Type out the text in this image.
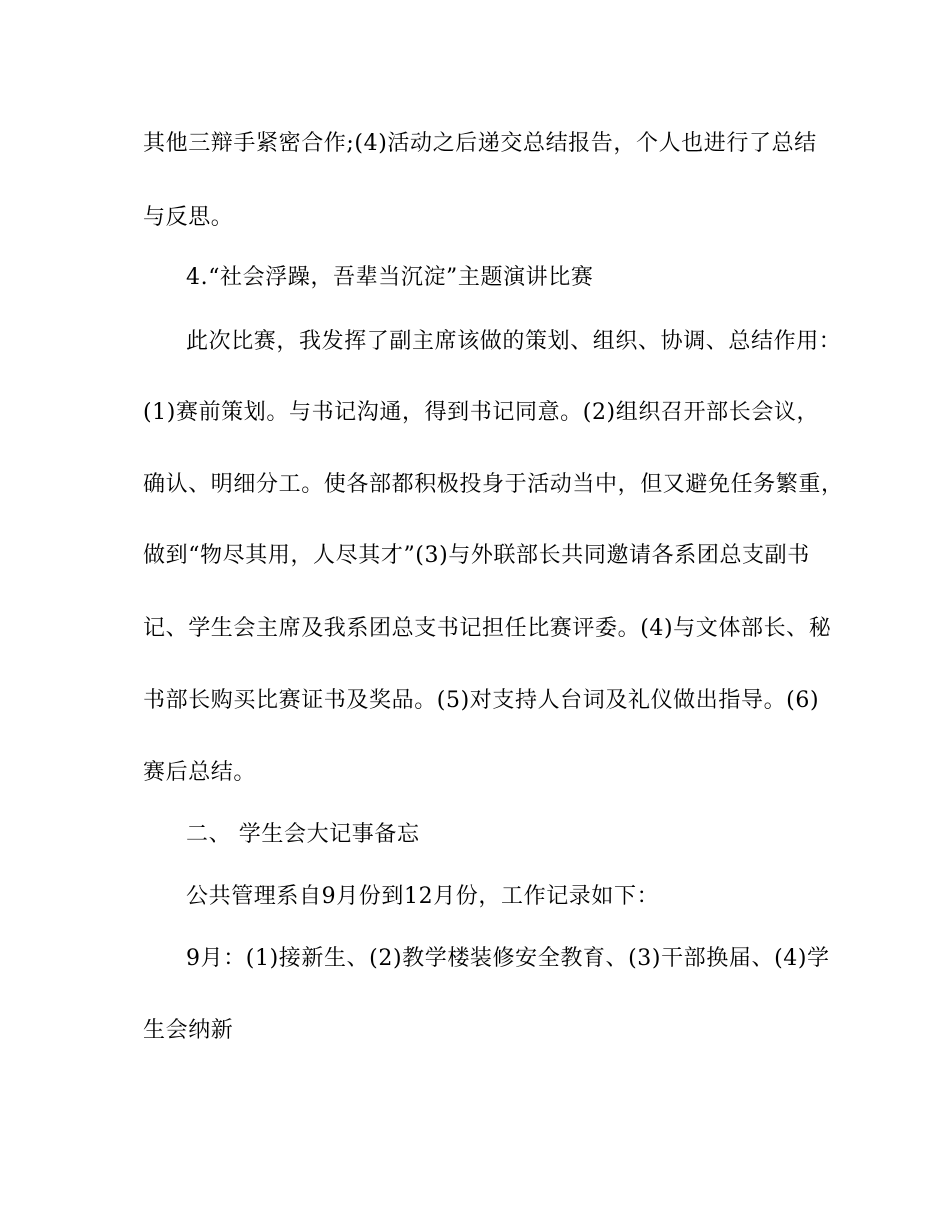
其他三辩手紧密合作;(4)活动之后递交总结报告，个人也进行了总结
与反思。
4.“社会浮躁，吾辈当沉淀”主题演讲比赛
此次比赛，我发挥了副主席该做的策划、组织、协调、总结作用：
(1)赛前策划。与书记沟通，得到书记同意。(2)组织召开部长会议，
确认、明细分工。使各部都积极投身于活动当中，但又避免任务繁重，
做到“物尽其用，人尽其才”(3)与外联部长共同邀请各系团总支副书
记、学生会主席及我系团总支书记担任比赛评委。(4)与文体部长、秘
书部长购买比赛证书及奖品。(5)对支持人台词及礼仪做出指导。(6)
赛后总结。
二、 学生会大记事备忘
公共管理系自9月份到12月份，工作记录如下：
9月：(1)接新生、(2)教学楼装修安全教育、(3)干部换届、(4)学
生会纳新
